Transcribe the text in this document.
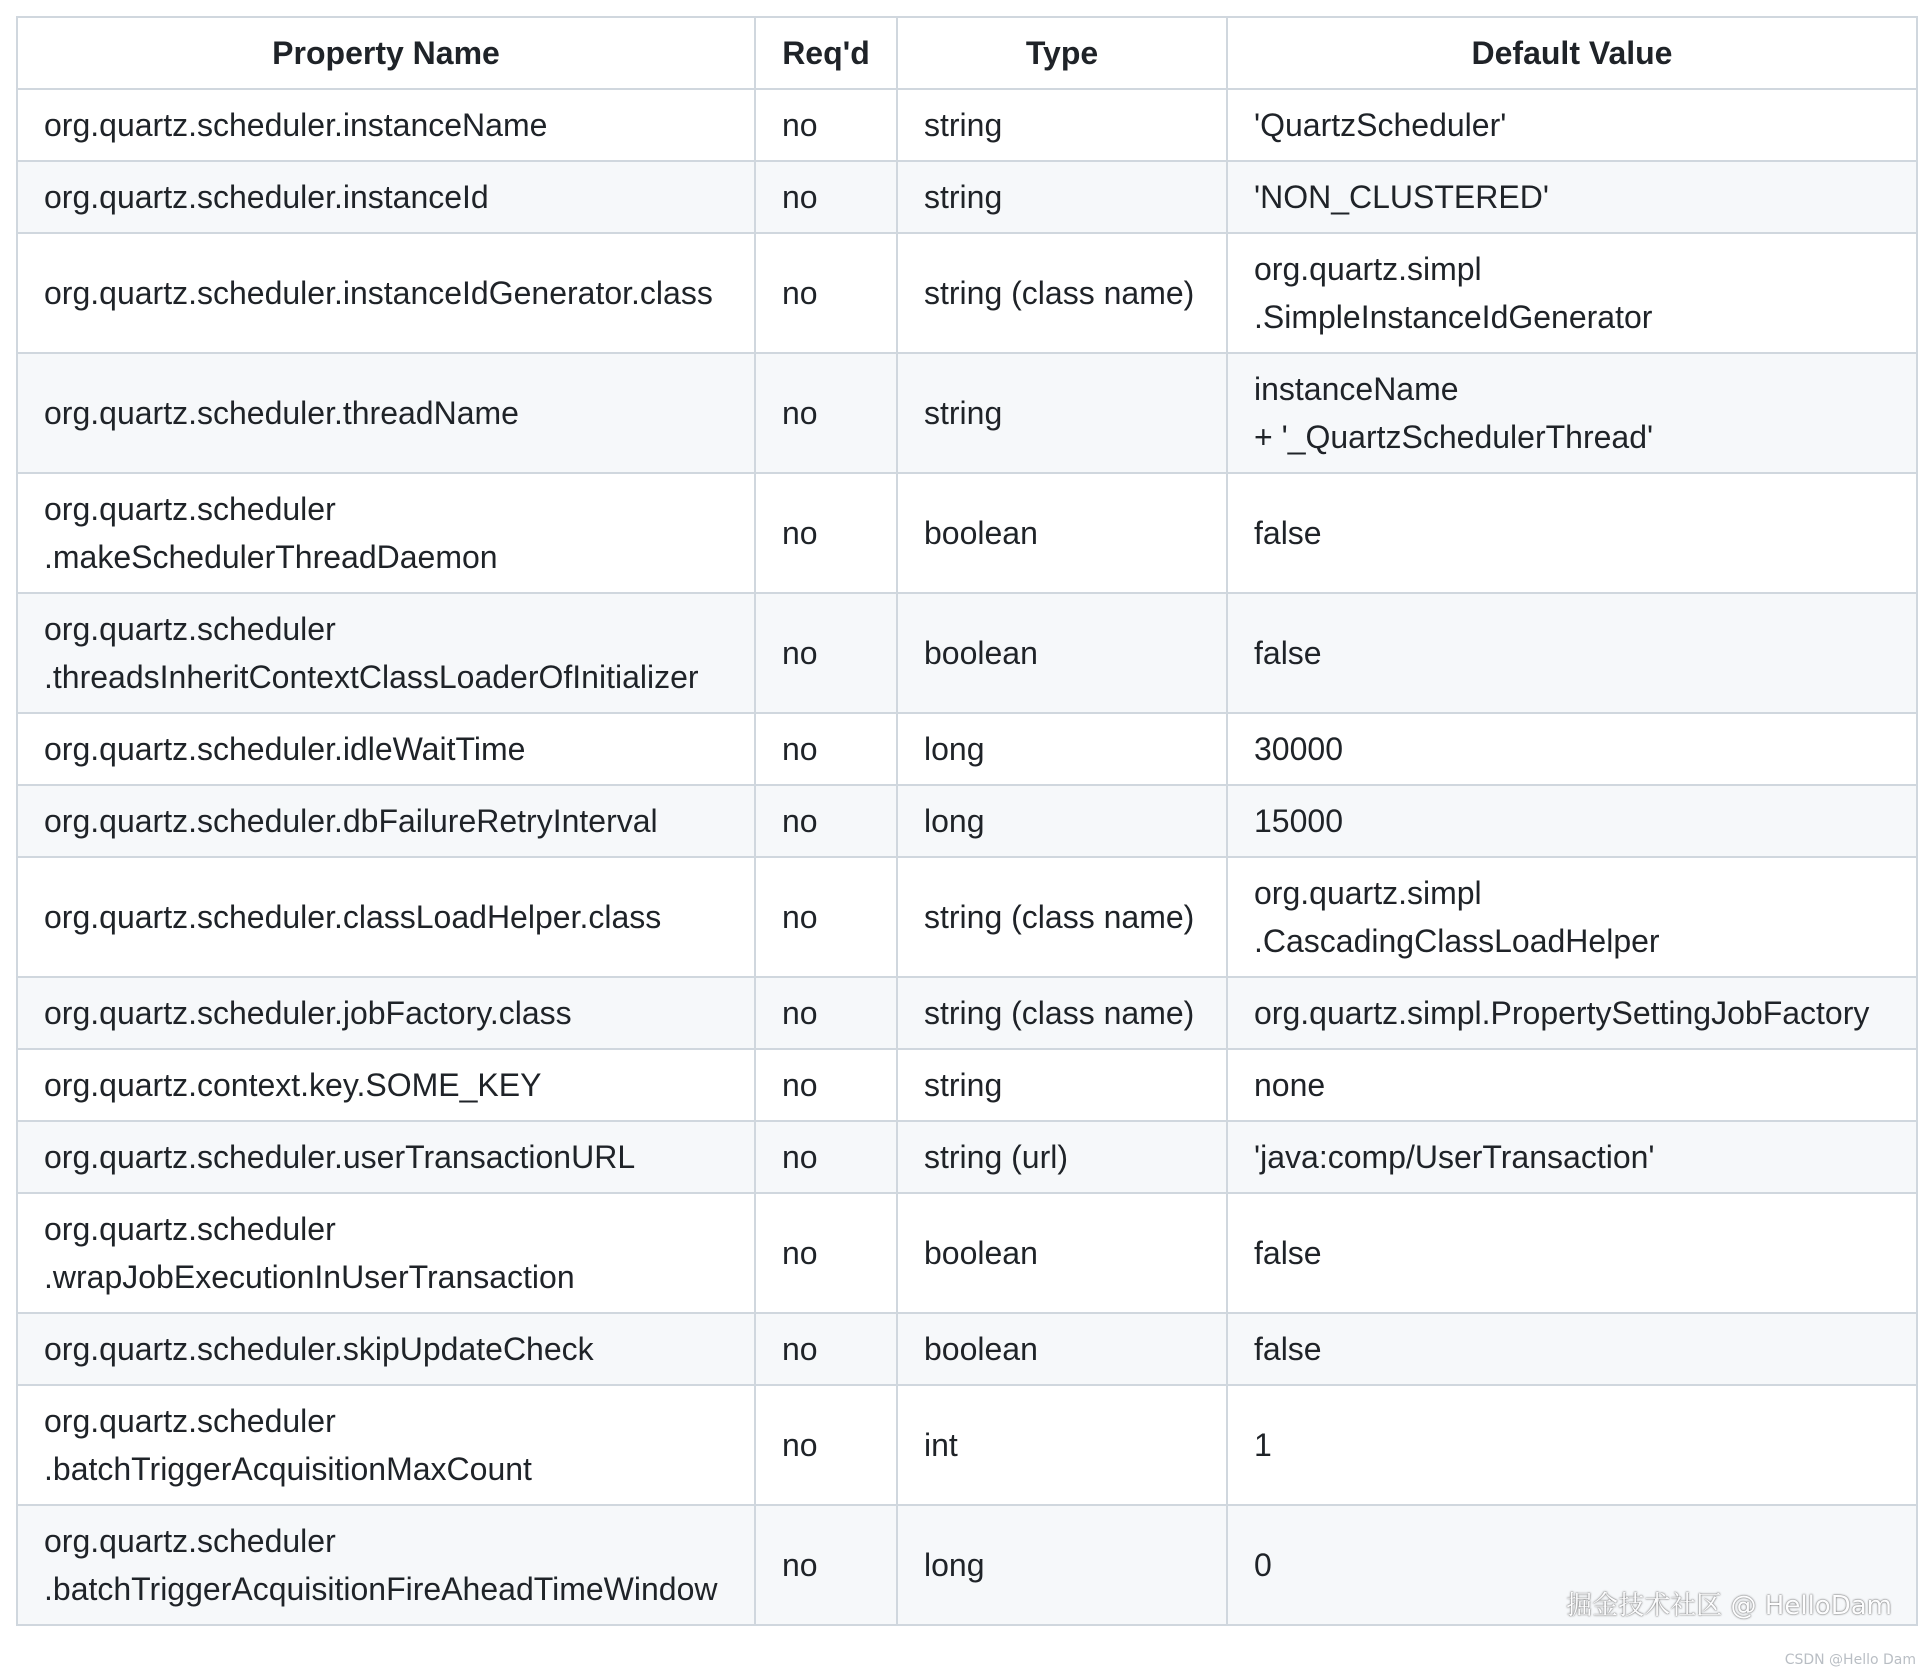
Property Name	Req'd	Type	Default Value

org.quartz.scheduler.instanceName	no	string	'QuartzScheduler'

org.quartz.scheduler.instanceId	no	string	'NON_CLUSTERED'

org.quartz.scheduler.instanceIdGenerator.class	no	string (class name)	org.quartz.simpl
.SimpleInstanceIdGenerator

org.quartz.scheduler.threadName	no	string	instanceName
+ '_QuartzSchedulerThread'

org.quartz.scheduler
.makeSchedulerThreadDaemon	no	boolean	false

org.quartz.scheduler
.threadsInheritContextClassLoaderOfInitializer	no	boolean	false

org.quartz.scheduler.idleWaitTime	no	long	30000

org.quartz.scheduler.dbFailureRetryInterval	no	long	15000

org.quartz.scheduler.classLoadHelper.class	no	string (class name)	org.quartz.simpl
.CascadingClassLoadHelper

org.quartz.scheduler.jobFactory.class	no	string (class name)	org.quartz.simpl.PropertySettingJobFactory

org.quartz.context.key.SOME_KEY	no	string	none

org.quartz.scheduler.userTransactionURL	no	string (url)	'java:comp/UserTransaction'

org.quartz.scheduler
.wrapJobExecutionInUserTransaction	no	boolean	false

org.quartz.scheduler.skipUpdateCheck	no	boolean	false

org.quartz.scheduler
.batchTriggerAcquisitionMaxCount	no	int	1

org.quartz.scheduler
.batchTriggerAcquisitionFireAheadTimeWindow	no	long	0
掘金技术社区 @ HelloDam
CSDN @Hello Dam
